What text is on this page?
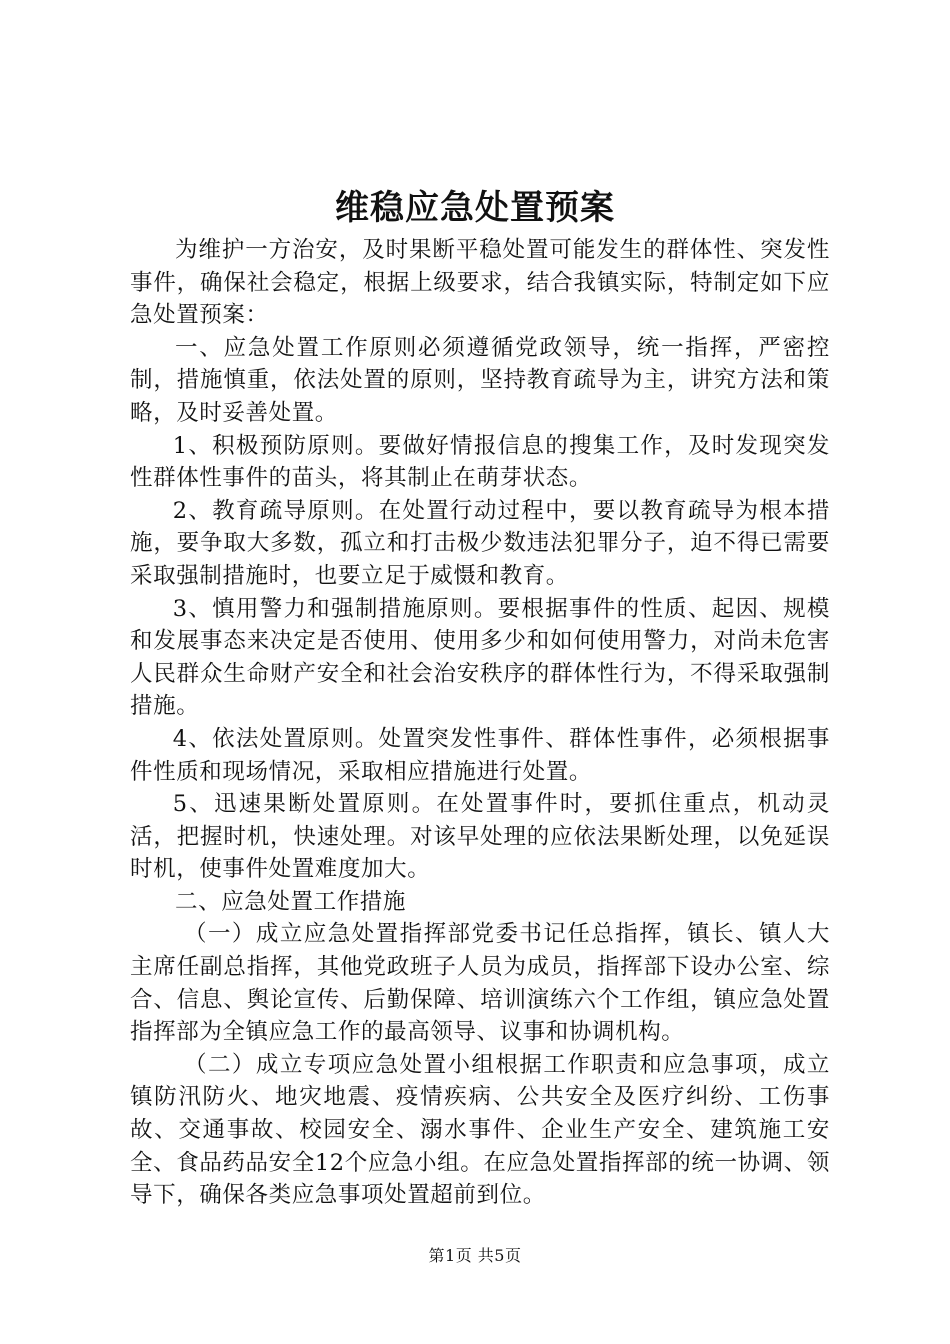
维稳应急处置预案

为维护一方治安，及时果断平稳处置可能发生的群体性、突发性事件，确保社会稳定，根据上级要求，结合我镇实际，特制定如下应急处置预案：

一、应急处置工作原则必须遵循党政领导，统一指挥，严密控制，措施慎重，依法处置的原则，坚持教育疏导为主，讲究方法和策略，及时妥善处置。

1、积极预防原则。要做好情报信息的搜集工作，及时发现突发性群体性事件的苗头，将其制止在萌芽状态。

2、教育疏导原则。在处置行动过程中，要以教育疏导为根本措施，要争取大多数，孤立和打击极少数违法犯罪分子，迫不得已需要采取强制措施时，也要立足于威慑和教育。

3、慎用警力和强制措施原则。要根据事件的性质、起因、规模和发展事态来决定是否使用、使用多少和如何使用警力，对尚未危害人民群众生命财产安全和社会治安秩序的群体性行为，不得采取强制措施。

4、依法处置原则。处置突发性事件、群体性事件，必须根据事件性质和现场情况，采取相应措施进行处置。

5、迅速果断处置原则。在处置事件时，要抓住重点，机动灵活，把握时机，快速处理。对该早处理的应依法果断处理，以免延误时机，使事件处置难度加大。

二、应急处置工作措施

（一）成立应急处置指挥部党委书记任总指挥，镇长、镇人大主席任副总指挥，其他党政班子人员为成员，指挥部下设办公室、综合、信息、舆论宣传、后勤保障、培训演练六个工作组，镇应急处置指挥部为全镇应急工作的最高领导、议事和协调机构。

（二）成立专项应急处置小组根据工作职责和应急事项，成立镇防汛防火、地灾地震、疫情疾病、公共安全及医疗纠纷、工伤事故、交通事故、校园安全、溺水事件、企业生产安全、建筑施工安全、食品药品安全12个应急小组。在应急处置指挥部的统一协调、领导下，确保各类应急事项处置超前到位。

第1页 共5页
